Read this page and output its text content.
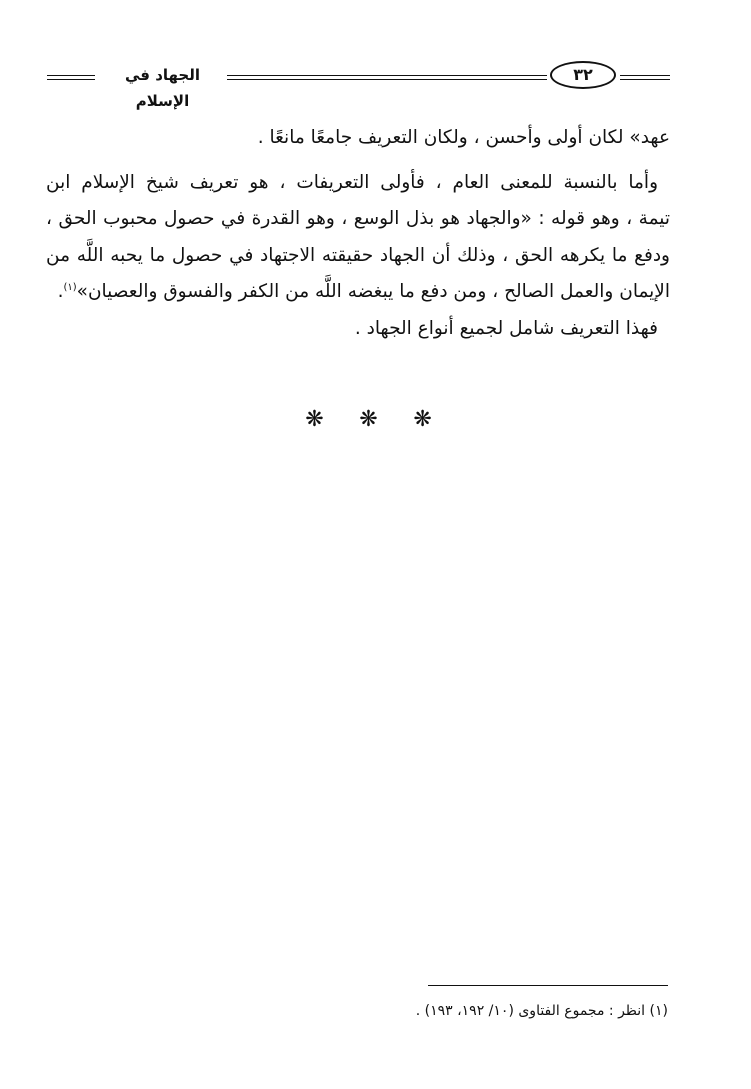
الجهاد في الإسلام
٣٢
عهد» لكان أولى وأحسن ، ولكان التعريف جامعًا مانعًا .
وأما بالنسبة للمعنى العام ، فأولى التعريفات ، هو تعريف شيخ الإسلام ابن
تيمة ، وهو قوله : «والجهاد هو بذل الوسع ، وهو القدرة في حصول محبوب الحق ،
ودفع ما يكرهه الحق ، وذلك أن الجهاد حقيقته الاجتهاد في حصول ما يحبه اللَّه من
الإيمان والعمل الصالح ، ومن دفع ما يبغضه اللَّه من الكفر والفسوق والعصيان»$^{(١)}$.
فهذا التعريف شامل لجميع أنواع الجهاد .
❋ ❋ ❋
(١) انظر : مجموع الفتاوى (١٠/ ١٩٢، ١٩٣) .
